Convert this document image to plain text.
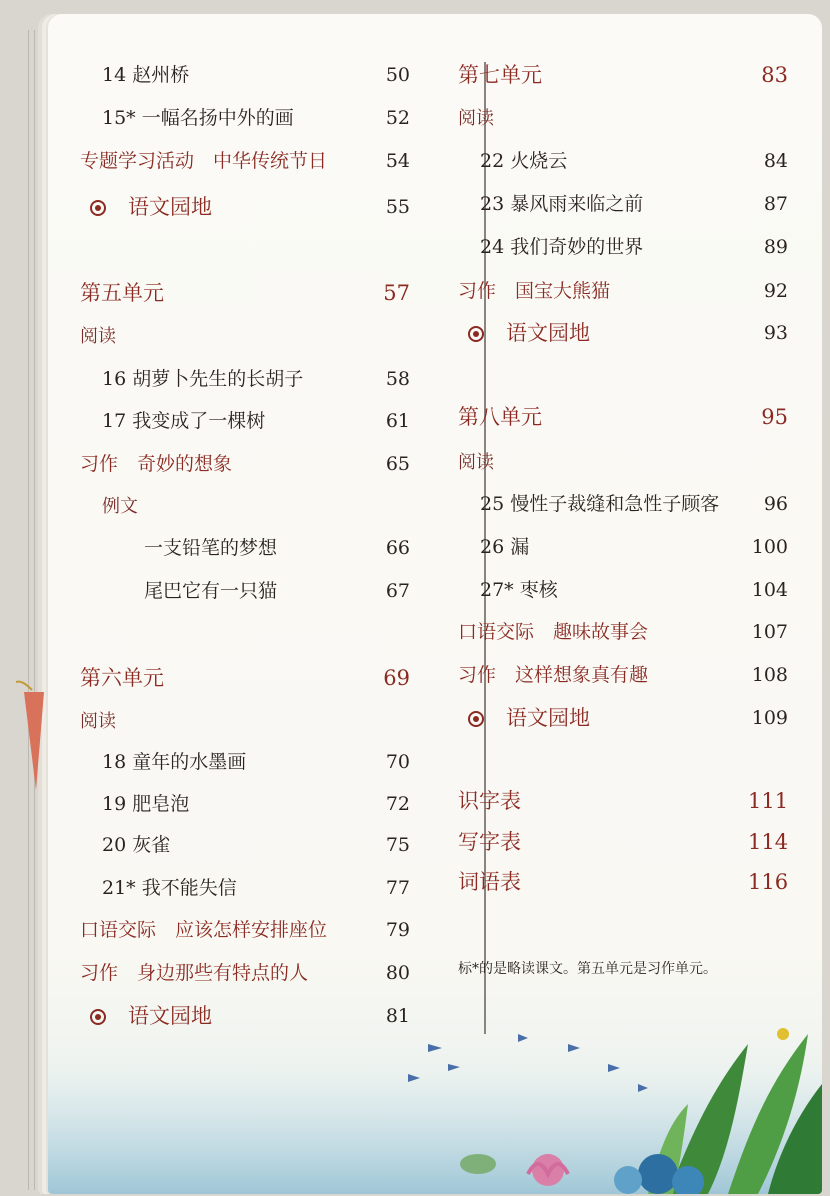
14 赵州桥	50
15* 一幅名扬中外的画	52
专题学习活动　中华传统节日	54
语文园地	55
第五单元	57
阅读
16 胡萝卜先生的长胡子	58
17 我变成了一棵树	61
习作　奇妙的想象	65
例文
一支铅笔的梦想	66
尾巴它有一只猫	67
第六单元	69
阅读
18 童年的水墨画	70
19 肥皂泡	72
20 灰雀	75
21* 我不能失信	77
口语交际　应该怎样安排座位	79
习作　身边那些有特点的人	80
语文园地	81
第七单元	83
阅读
22 火烧云	84
23 暴风雨来临之前	87
24 我们奇妙的世界	89
习作　国宝大熊猫	92
语文园地	93
第八单元	95
阅读
25 慢性子裁缝和急性子顾客	96
26 漏	100
27* 枣核	104
口语交际　趣味故事会	107
习作　这样想象真有趣	108
语文园地	109
识字表	111
写字表	114
词语表	116
标*的是略读课文。第五单元是习作单元。
